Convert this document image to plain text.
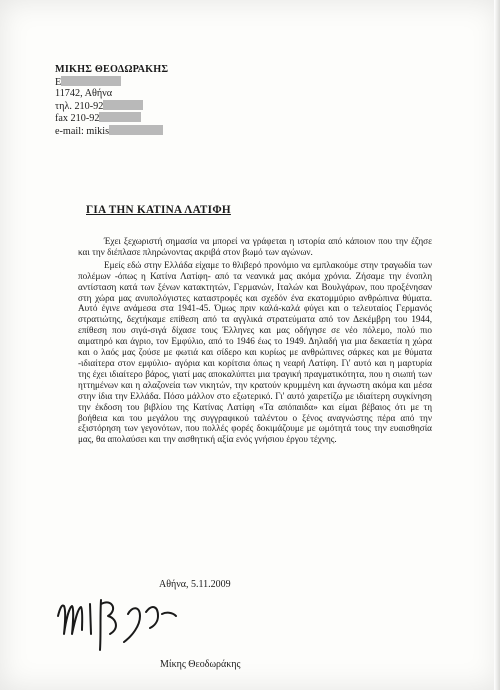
ΜΙΚΗΣ ΘΕΟΔΩΡΑΚΗΣ
Ε
11742, Αθήνα
τηλ. 210-92
fax 210-92
e-mail: mikis
ΓΙΑ ΤΗΝ ΚΑΤΙΝΑ ΛΑΤΙΦΗ

Έχει ξεχωριστή σημασία να μπορεί να γράφεται η ιστορία από κάποιον που την έζησε και την διέπλασε πληρώνοντας ακριβά στον βωμό των αγώνων.

Εμείς εδώ στην Ελλάδα είχαμε το θλιβερό προνόμιο να εμπλακούμε στην τραγωδία των πολέμων -όπως η Κατίνα Λατίφη- από τα νεανικά μας ακόμα χρόνια. Ζήσαμε την ένοπλη αντίσταση κατά των ξένων κατακτητών, Γερμανών, Ιταλών και Βουλγάρων, που προξένησαν στη χώρα μας ανυπολόγιστες καταστροφές και σχεδόν ένα εκατομμύριο ανθρώπινα θύματα. Αυτό έγινε ανάμεσα στα 1941-45. Όμως πριν καλά-καλά φύγει και ο τελευταίος Γερμανός στρατιώτης, δεχτήκαμε επίθεση από τα αγγλικά στρατεύματα από τον Δεκέμβρη του 1944, επίθεση που σιγά-σιγά δίχασε τους Έλληνες και μας οδήγησε σε νέο πόλεμο, πολύ πιο αιματηρό και άγριο, τον Εμφύλιο, από το 1946 έως το 1949. Δηλαδή για μια δεκαετία η χώρα και ο λαός μας ζούσε με φωτιά και σίδερο και κυρίως με ανθρώπινες σάρκες και με θύματα -ιδιαίτερα στον εμφύλιο- αγόρια και κορίτσια όπως η νεαρή Λατίφη. Γι' αυτό και η μαρτυρία της έχει ιδιαίτερο βάρος, γιατί μας αποκαλύπτει μια τραγική πραγματικότητα, που η σιωπή των ηττημένων και η αλαζονεία των νικητών, την κρατούν κρυμμένη και άγνωστη ακόμα και μέσα στην ίδια την Ελλάδα. Πόσο μάλλον στο εξωτερικό. Γι' αυτό χαιρετίζω με ιδιαίτερη συγκίνηση την έκδοση του βιβλίου της Κατίνας Λατίφη «Τα απόπαιδα» και είμαι βέβαιος ότι με τη βοήθεια και του μεγάλου της συγγραφικού ταλέντου ο ξένος αναγνώστης πέρα από την εξιστόρηση των γεγονότων, που πολλές φορές δοκιμάζουμε με ωμότητά τους την ευαισθησία μας, θα απολαύσει και την αισθητική αξία ενός γνήσιου έργου τέχνης.

Αθήνα, 5.11.2009
Μίκης Θεοδωράκης
